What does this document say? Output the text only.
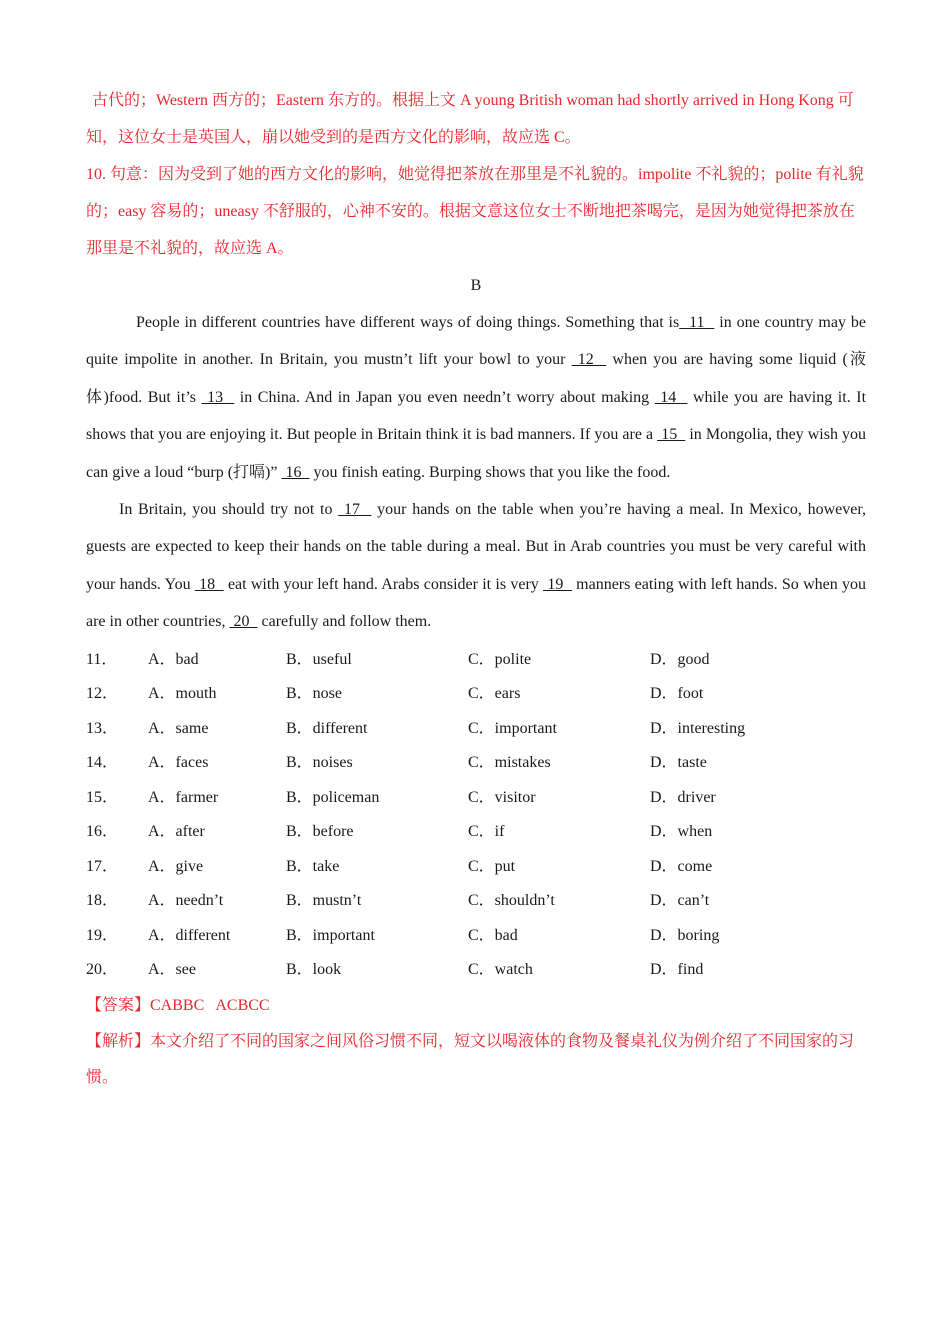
古代的；Western 西方的；Eastern 东方的。根据上文 A young British woman had shortly arrived in Hong Kong 可知，这位女士是英国人，崩以她受到的是西方文化的影响，故应选 C。

10. 句意：因为受到了她的西方文化的影响，她觉得把茶放在那里是不礼貌的。impolite 不礼貌的；polite 有礼貌的；easy 容易的；uneasy 不舒服的，心神不安的。根据文意这位女士不断地把茶喝完，是因为她觉得把茶放在那里是不礼貌的，故应选 A。

B

People in different countries have different ways of doing things. Something that is  11   in one country may be quite impolite in another. In Britain, you mustn’t lift your bowl to your  12   when you are having some liquid (液体)food. But it’s  13   in China. And in Japan you even needn’t worry about making  14   while you are having it. It shows that you are enjoying it. But people in Britain think it is bad manners. If you are a  15   in Mongolia, they wish you can give a loud “burp (打嗝)”  16   you finish eating. Burping shows that you like the food.

In Britain, you should try not to  17   your hands on the table when you’re having a meal. In Mexico, however, guests are expected to keep their hands on the table during a meal. But in Arab countries you must be very careful with your hands. You  18   eat with your left hand. Arabs consider it is very  19   manners eating with left hands. So when you are in other countries,  20   carefully and follow them.

11．	A．bad	B．useful	C．polite	D．good
12．	A．mouth	B．nose	C．ears	D．foot
13．	A．same	B．different	C．important	D．interesting
14．	A．faces	B．noises	C．mistakes	D．taste
15．	A．farmer	B．policeman	C．visitor	D．driver
16．	A．after	B．before	C．if	D．when
17．	A．give	B．take	C．put	D．come
18．	A．needn’t	B．mustn’t	C．shouldn’t	D．can’t
19．	A．different	B．important	C．bad	D．boring
20．	A．see	B．look	C．watch	D．find

【答案】CABBC   ACBCC

【解析】本文介绍了不同的国家之间风俗习惯不同，短文以喝液体的食物及餐桌礼仪为例介绍了不同国家的习惯。
